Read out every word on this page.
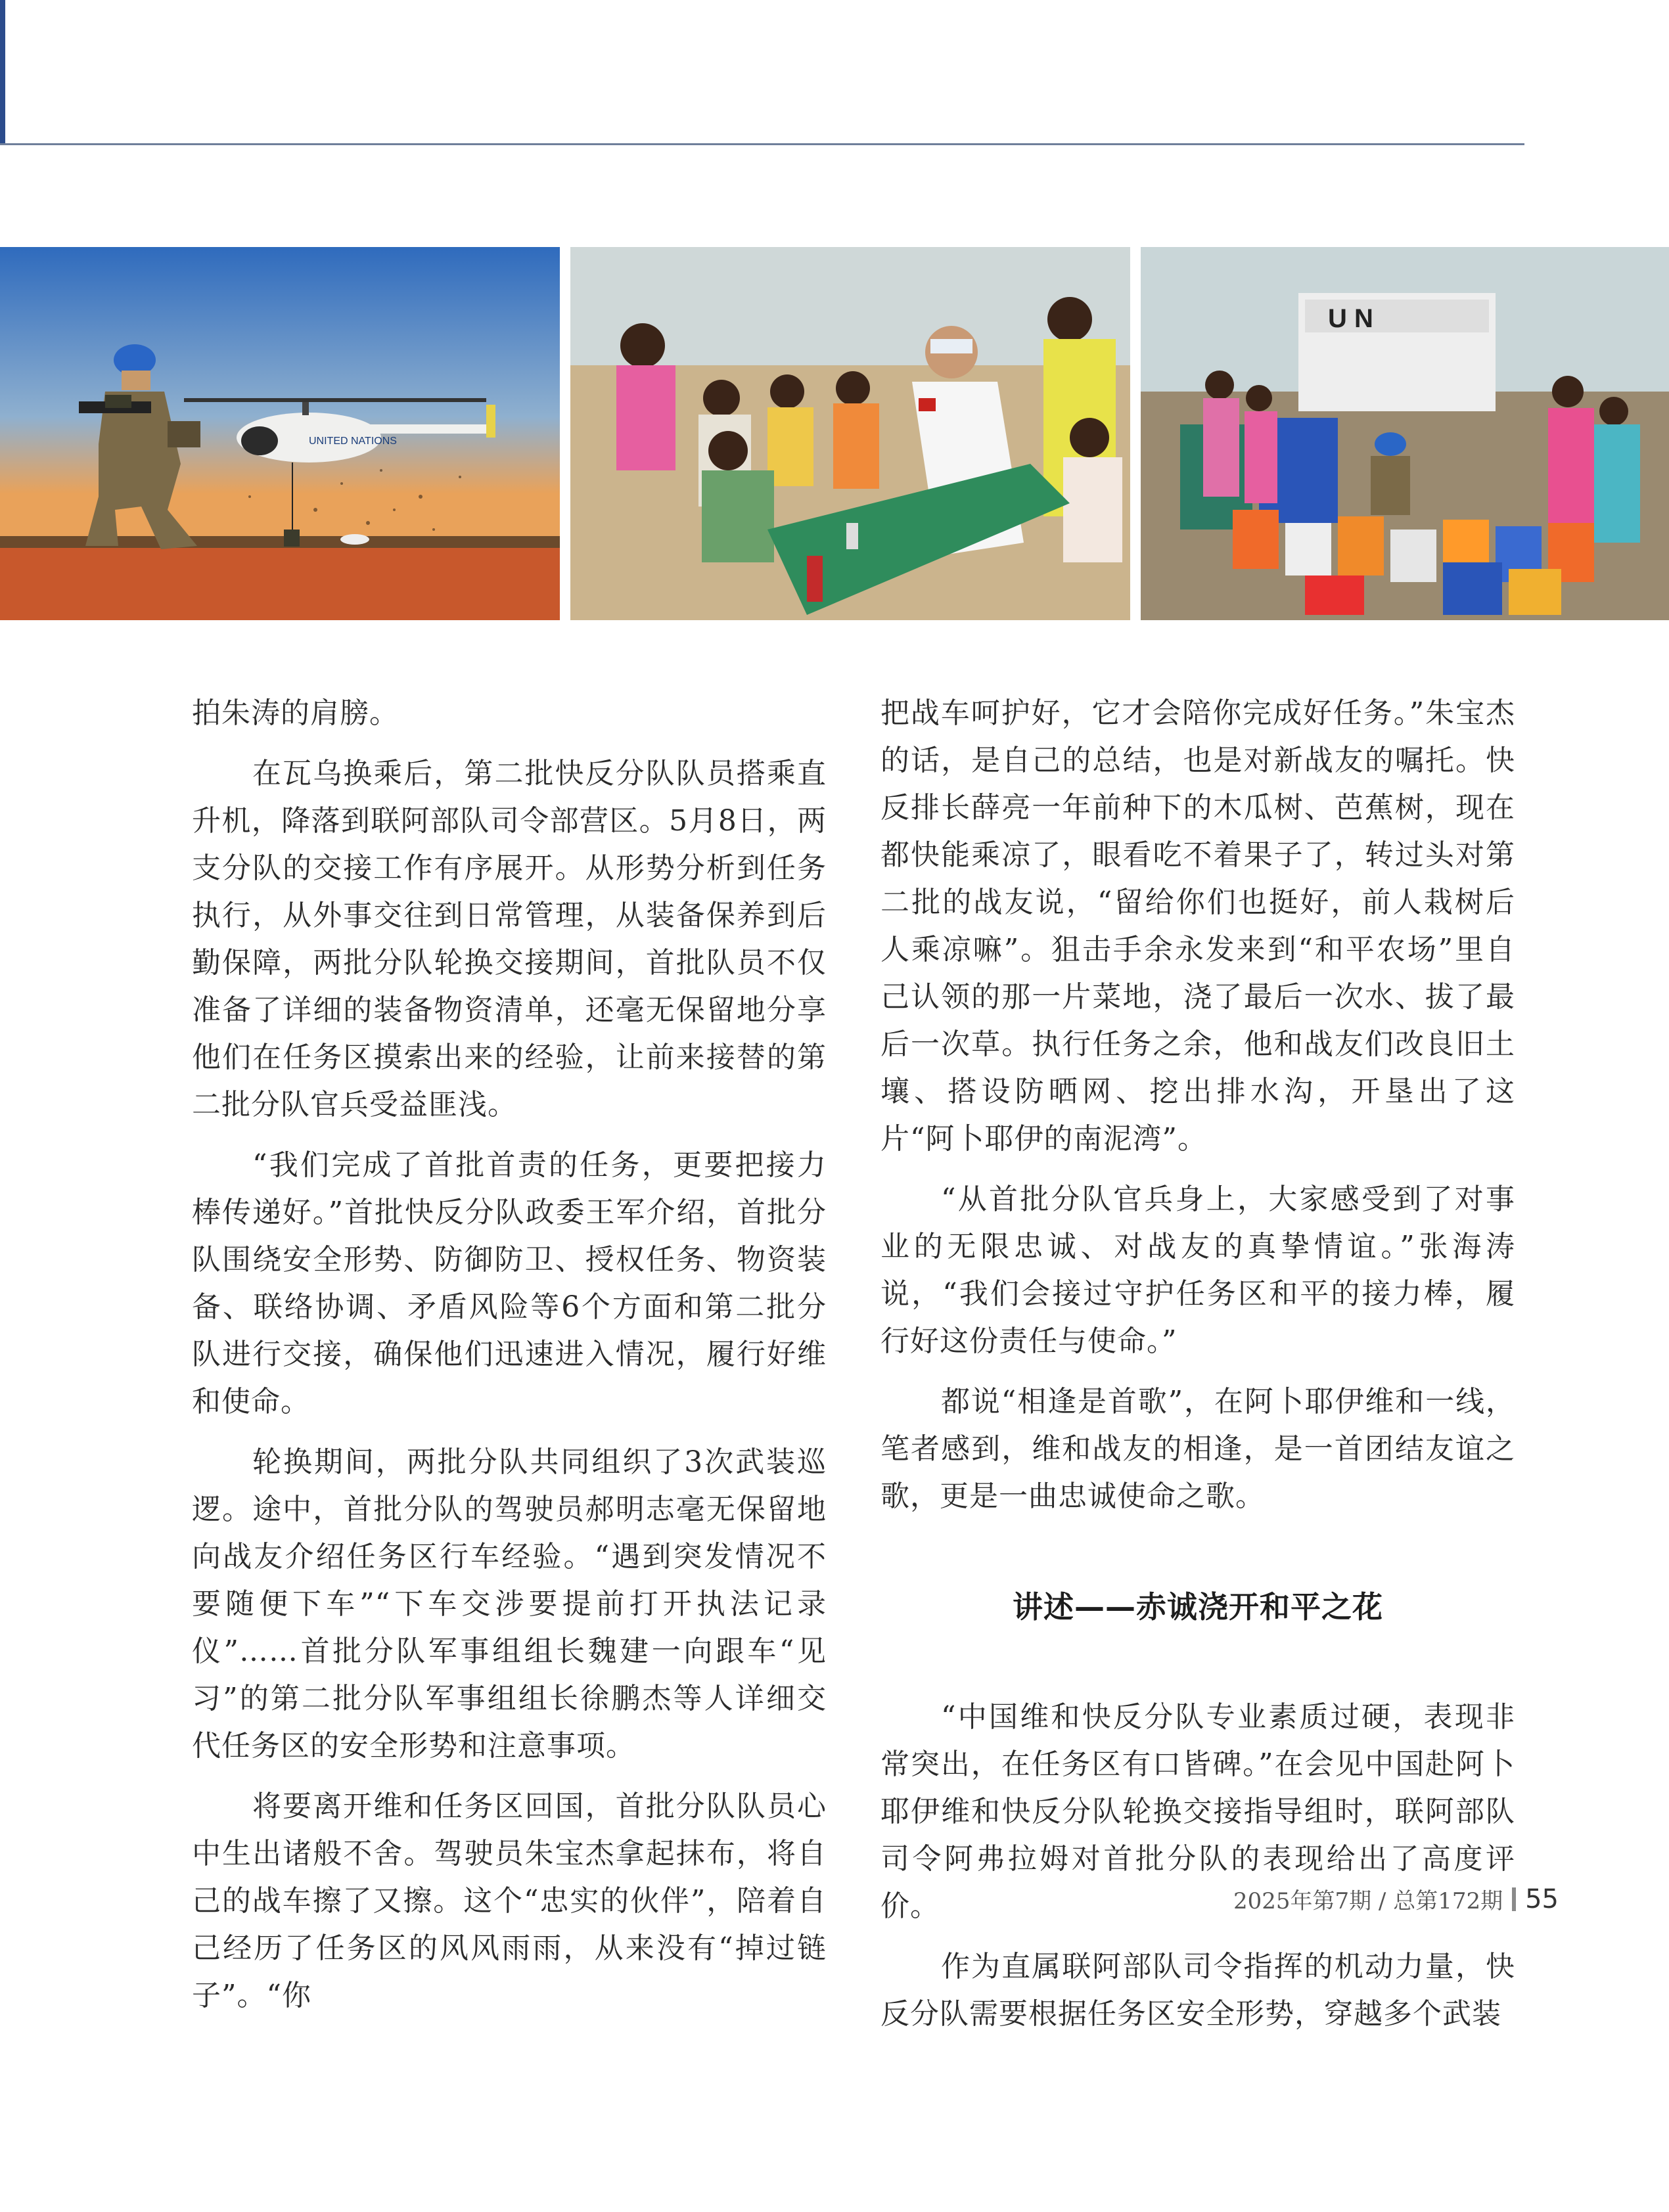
UNITED NATIONS
U N

拍朱涛的肩膀。

在瓦乌换乘后，第二批快反分队队员搭乘直升机，降落到联阿部队司令部营区。5月8日，两支分队的交接工作有序展开。从形势分析到任务执行，从外事交往到日常管理，从装备保养到后勤保障，两批分队轮换交接期间，首批队员不仅准备了详细的装备物资清单，还毫无保留地分享他们在任务区摸索出来的经验，让前来接替的第二批分队官兵受益匪浅。

“我们完成了首批首责的任务，更要把接力棒传递好。”首批快反分队政委王军介绍，首批分队围绕安全形势、防御防卫、授权任务、物资装备、联络协调、矛盾风险等6个方面和第二批分队进行交接，确保他们迅速进入情况，履行好维和使命。

轮换期间，两批分队共同组织了3次武装巡逻。途中，首批分队的驾驶员郝明志毫无保留地向战友介绍任务区行车经验。“遇到突发情况不要随便下车”“下车交涉要提前打开执法记录仪”……首批分队军事组组长魏建一向跟车“见习”的第二批分队军事组组长徐鹏杰等人详细交代任务区的安全形势和注意事项。

将要离开维和任务区回国，首批分队队员心中生出诸般不舍。驾驶员朱宝杰拿起抹布，将自己的战车擦了又擦。这个“忠实的伙伴”，陪着自己经历了任务区的风风雨雨，从来没有“掉过链子”。“你

把战车呵护好，它才会陪你完成好任务。”朱宝杰的话，是自己的总结，也是对新战友的嘱托。快反排长薛亮一年前种下的木瓜树、芭蕉树，现在都快能乘凉了，眼看吃不着果子了，转过头对第二批的战友说，“留给你们也挺好，前人栽树后人乘凉嘛”。狙击手余永发来到“和平农场”里自己认领的那一片菜地，浇了最后一次水、拔了最后一次草。执行任务之余，他和战友们改良旧土壤、搭设防晒网、挖出排水沟，开垦出了这片“阿卜耶伊的南泥湾”。

“从首批分队官兵身上，大家感受到了对事业的无限忠诚、对战友的真挚情谊。”张海涛说，“我们会接过守护任务区和平的接力棒，履行好这份责任与使命。”

都说“相逢是首歌”，在阿卜耶伊维和一线，笔者感到，维和战友的相逢，是一首团结友谊之歌，更是一曲忠诚使命之歌。

讲述——赤诚浇开和平之花

“中国维和快反分队专业素质过硬，表现非常突出，在任务区有口皆碑。”在会见中国赴阿卜耶伊维和快反分队轮换交接指导组时，联阿部队司令阿弗拉姆对首批分队的表现给出了高度评价。

作为直属联阿部队司令指挥的机动力量，快反分队需要根据任务区安全形势，穿越多个武装

2025年第7期 / 总第172期 55
